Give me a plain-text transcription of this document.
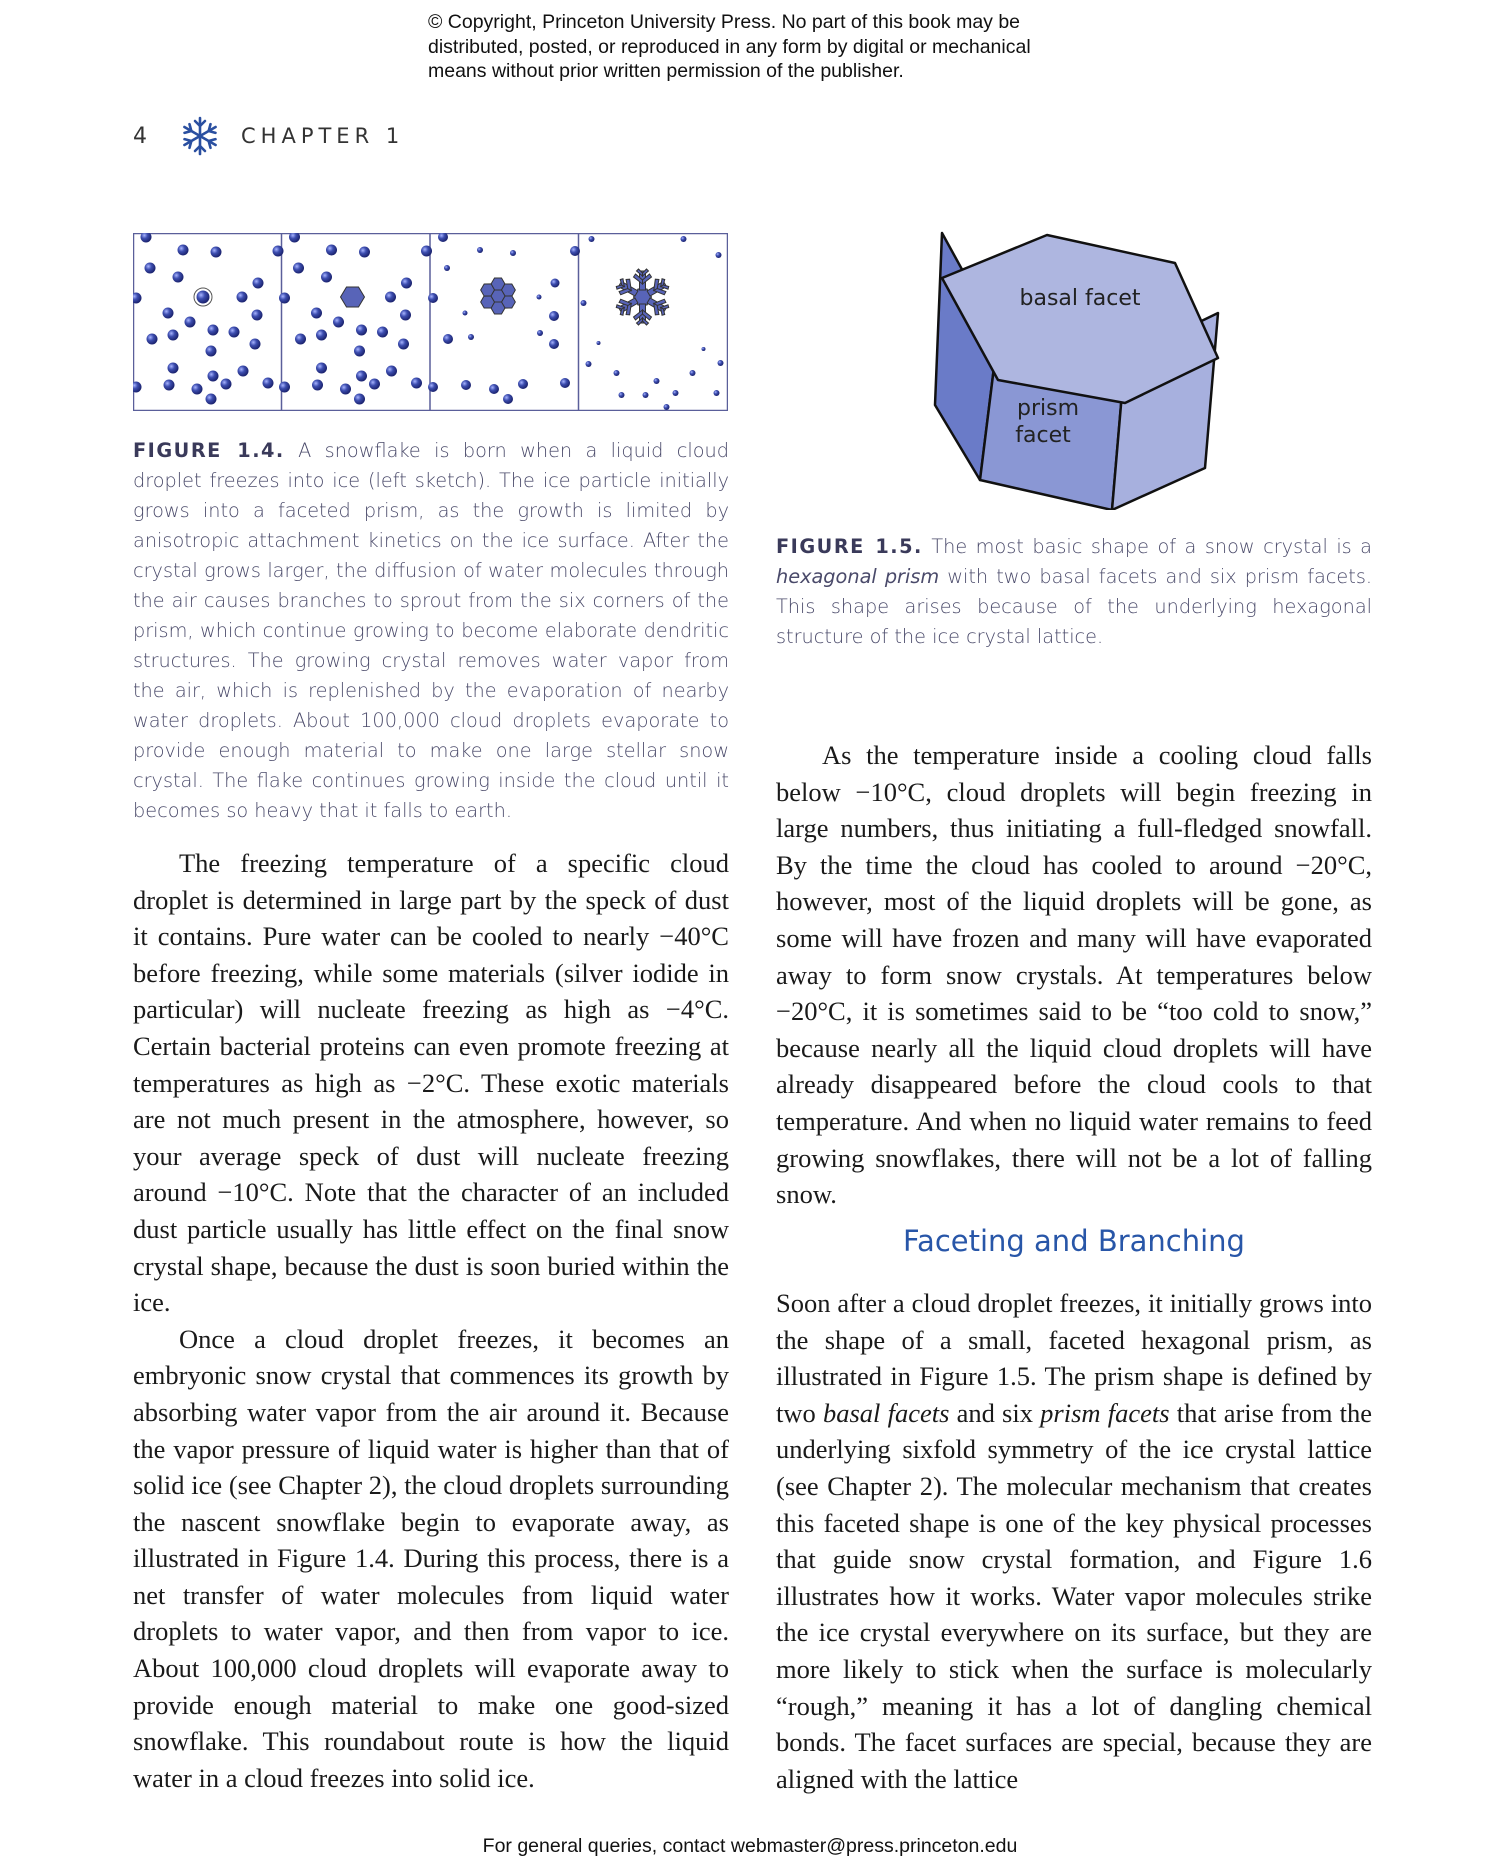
© Copyright, Princeton University Press. No part of this book may be
distributed, posted, or reproduced in any form by digital or mechanical
means without prior written permission of the publisher.
4	CHAPTER 1
FIGURE 1.4. A snowflake is born when a liquid cloud droplet freezes into ice (left sketch). The ice particle initially grows into a faceted prism, as the growth is limited by anisotropic attachment kinetics on the ice surface. After the crystal grows larger, the diffusion of water molecules through the air causes branches to sprout from the six corners of the prism, which continue growing to become elaborate dendritic structures. The growing crystal removes water vapor from the air, which is replenished by the evaporation of nearby water droplets. About 100,000 cloud droplets evaporate to provide enough material to make one large stellar snow crystal. The flake continues growing inside the cloud until it becomes so heavy that it falls to earth.
basal facet
prism
facet
FIGURE 1.5. The most basic shape of a snow crystal is a hexagonal prism with two basal facets and six prism facets. This shape arises because of the underlying hexagonal structure of the ice crystal lattice.

The freezing temperature of a specific cloud droplet is determined in large part by the speck of dust it contains. Pure water can be cooled to nearly −40°C before freezing, while some materials (silver iodide in particular) will nucleate freezing as high as −4°C. Certain bacterial proteins can even promote freezing at temperatures as high as −2°C. These exotic materials are not much present in the atmosphere, however, so your average speck of dust will nucleate freezing around −10°C. Note that the character of an included dust particle usually has little effect on the final snow crystal shape, because the dust is soon buried within the ice.

Once a cloud droplet freezes, it becomes an embryonic snow crystal that commences its growth by absorbing water vapor from the air around it. Because the vapor pressure of liquid water is higher than that of solid ice (see Chapter 2), the cloud droplets surrounding the nascent snowflake begin to evaporate away, as illustrated in Figure 1.4. During this process, there is a net transfer of water molecules from liquid water droplets to water vapor, and then from vapor to ice. About 100,000 cloud droplets will evaporate away to provide enough material to make one good-sized snowflake. This roundabout route is how the liquid water in a cloud freezes into solid ice.

As the temperature inside a cooling cloud falls below −10°C, cloud droplets will begin freezing in large numbers, thus initiating a full-fledged snowfall. By the time the cloud has cooled to around −20°C, however, most of the liquid droplets will be gone, as some will have frozen and many will have evaporated away to form snow crystals. At temperatures below −20°C, it is sometimes said to be “too cold to snow,” because nearly all the liquid cloud droplets will have already disappeared before the cloud cools to that temperature. And when no liquid water remains to feed growing snowflakes, there will not be a lot of falling snow.

Faceting and Branching

Soon after a cloud droplet freezes, it initially grows into the shape of a small, faceted hexagonal prism, as illustrated in Figure 1.5. The prism shape is defined by two basal facets and six prism facets that arise from the underlying sixfold symmetry of the ice crystal lattice (see Chapter 2). The molecular mechanism that creates this faceted shape is one of the key physical processes that guide snow crystal formation, and Figure 1.6 illustrates how it works. Water vapor molecules strike the ice crystal everywhere on its surface, but they are more likely to stick when the surface is molecularly “rough,” meaning it has a lot of dangling chemical bonds. The facet surfaces are special, because they are aligned with the lattice

For general queries, contact webmaster@press.princeton.edu
